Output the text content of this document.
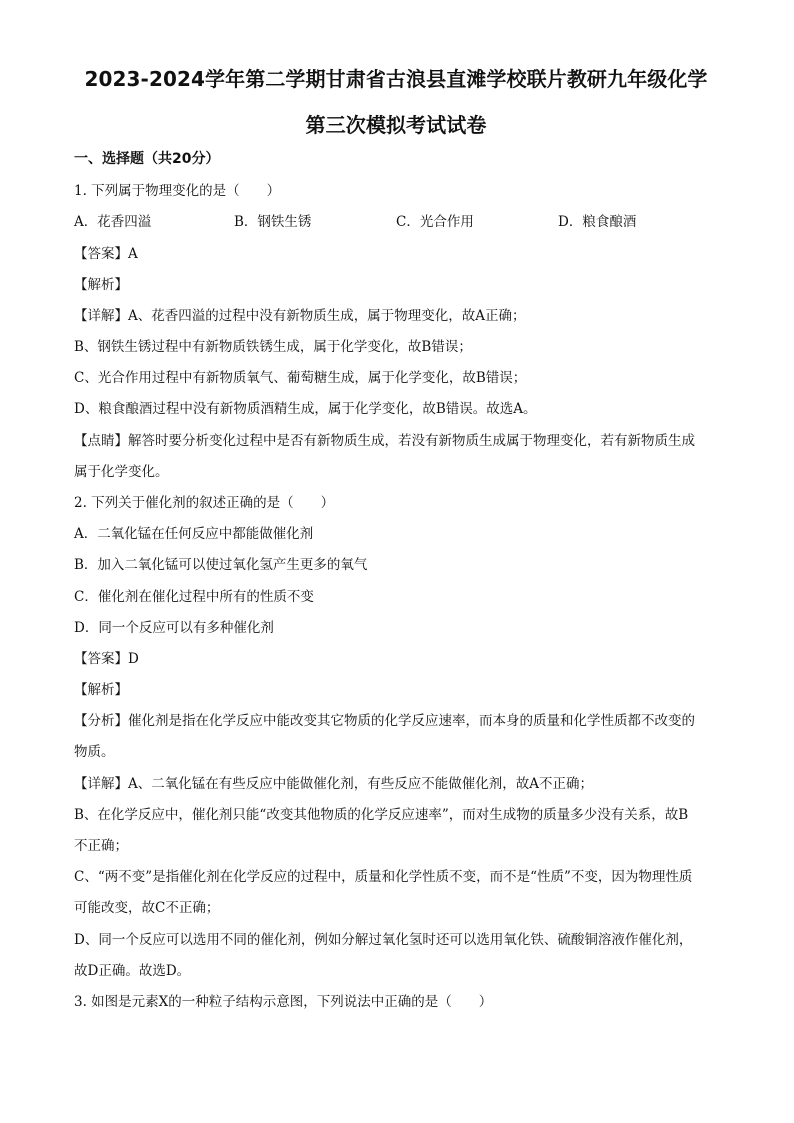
2023-2024学年第二学期甘肃省古浪县直滩学校联片教研九年级化学
第三次模拟考试试卷
一、选择题（共20分）
1. 下列属于物理变化的是（　　）
A．花香四溢	B．钢铁生锈	C．光合作用	D．粮食酿酒
【答案】A
【解析】
【详解】A、花香四溢的过程中没有新物质生成，属于物理变化，故A正确；
B、钢铁生锈过程中有新物质铁锈生成，属于化学变化，故B错误；
C、光合作用过程中有新物质氧气、葡萄糖生成，属于化学变化，故B错误；
D、粮食酿酒过程中没有新物质酒精生成，属于化学变化，故B错误。故选A。
【点睛】解答时要分析变化过程中是否有新物质生成，若没有新物质生成属于物理变化，若有新物质生成
属于化学变化。
2. 下列关于催化剂的叙述正确的是（　　）
A．二氧化锰在任何反应中都能做催化剂
B．加入二氧化锰可以使过氧化氢产生更多的氧气
C．催化剂在催化过程中所有的性质不变
D．同一个反应可以有多种催化剂
【答案】D
【解析】
【分析】催化剂是指在化学反应中能改变其它物质的化学反应速率，而本身的质量和化学性质都不改变的
物质。
【详解】A、二氧化锰在有些反应中能做催化剂，有些反应不能做催化剂，故A不正确；
B、在化学反应中，催化剂只能“改变其他物质的化学反应速率”，而对生成物的质量多少没有关系，故B
不正确；
C、“两不变”是指催化剂在化学反应的过程中，质量和化学性质不变，而不是“性质”不变，因为物理性质
可能改变，故C不正确；
D、同一个反应可以选用不同的催化剂，例如分解过氧化氢时还可以选用氧化铁、硫酸铜溶液作催化剂，
故D正确。故选D。
3. 如图是元素X的一种粒子结构示意图，下列说法中正确的是（　　）
